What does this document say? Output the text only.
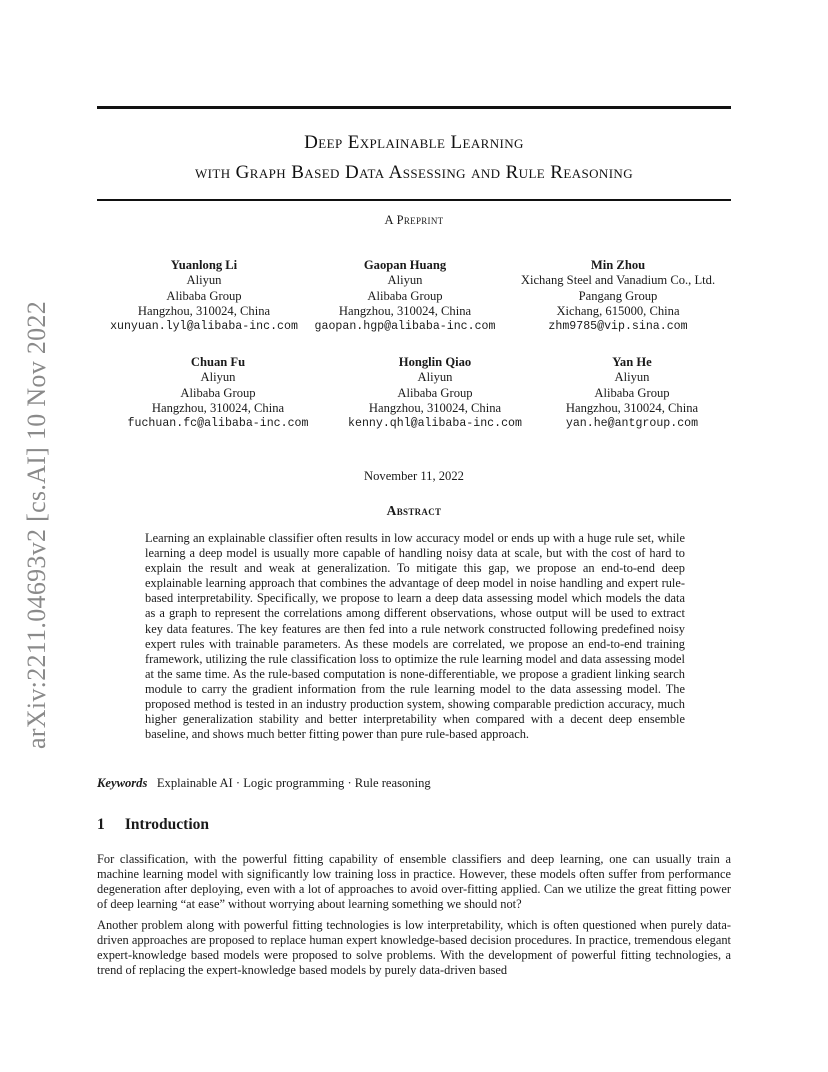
arXiv:2211.04693v2 [cs.AI] 10 Nov 2022
Deep Explainable Learning
with Graph Based Data Assessing and Rule Reasoning
A Preprint
Yuanlong Li
Aliyun
Alibaba Group
Hangzhou, 310024, China
xunyuan.lyl@alibaba-inc.com
Gaopan Huang
Aliyun
Alibaba Group
Hangzhou, 310024, China
gaopan.hgp@alibaba-inc.com
Min Zhou
Xichang Steel and Vanadium Co., Ltd.
Pangang Group
Xichang, 615000, China
zhm9785@vip.sina.com
Chuan Fu
Aliyun
Alibaba Group
Hangzhou, 310024, China
fuchuan.fc@alibaba-inc.com
Honglin Qiao
Aliyun
Alibaba Group
Hangzhou, 310024, China
kenny.qhl@alibaba-inc.com
Yan He
Aliyun
Alibaba Group
Hangzhou, 310024, China
yan.he@antgroup.com
November 11, 2022
Abstract

Learning an explainable classifier often results in low accuracy model or ends up with a huge rule set, while learning a deep model is usually more capable of handling noisy data at scale, but with the cost of hard to explain the result and weak at generalization. To mitigate this gap, we propose an end-to-end deep explainable learning approach that combines the advantage of deep model in noise handling and expert rule-based interpretability. Specifically, we propose to learn a deep data assessing model which models the data as a graph to represent the correlations among different observations, whose output will be used to extract key data features. The key features are then fed into a rule network constructed following predefined noisy expert rules with trainable parameters. As these models are correlated, we propose an end-to-end training framework, utilizing the rule classification loss to optimize the rule learning model and data assessing model at the same time. As the rule-based computation is none-differentiable, we propose a gradient linking search module to carry the gradient information from the rule learning model to the data assessing model. The proposed method is tested in an industry production system, showing comparable prediction accuracy, much higher generalization stability and better interpretability when compared with a decent deep ensemble baseline, and shows much better fitting power than pure rule-based approach.

Keywords Explainable AI · Logic programming · Rule reasoning
1 Introduction

For classification, with the powerful fitting capability of ensemble classifiers and deep learning, one can usually train a machine learning model with significantly low training loss in practice. However, these models often suffer from performance degeneration after deploying, even with a lot of approaches to avoid over-fitting applied. Can we utilize the great fitting power of deep learning “at ease” without worrying about learning something we should not?

Another problem along with powerful fitting technologies is low interpretability, which is often questioned when purely data-driven approaches are proposed to replace human expert knowledge-based decision procedures. In practice, tremendous elegant expert-knowledge based models were proposed to solve problems. With the development of powerful fitting technologies, a trend of replacing the expert-knowledge based models by purely data-driven based
